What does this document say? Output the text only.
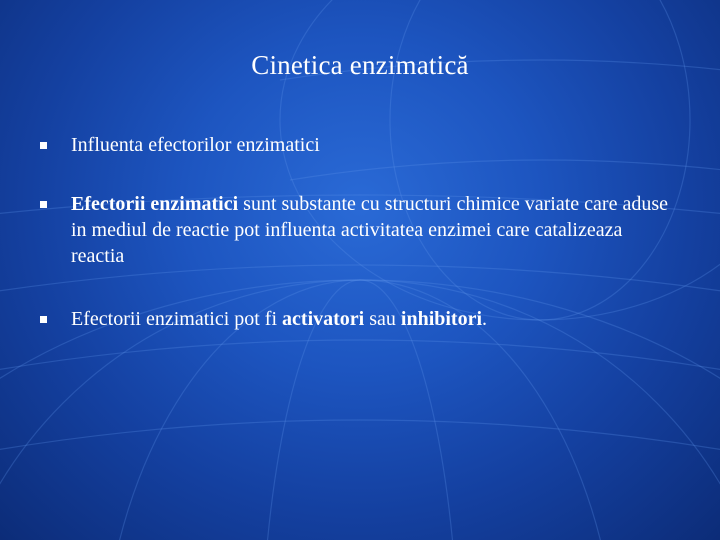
Cinetica enzimatică
Influenta efectorilor enzimatici
Efectorii enzimatici sunt substante cu structuri chimice variate care aduse in mediul de reactie pot influenta activitatea enzimei care catalizeaza reactia
Efectorii enzimatici pot fi activatori sau inhibitori.
